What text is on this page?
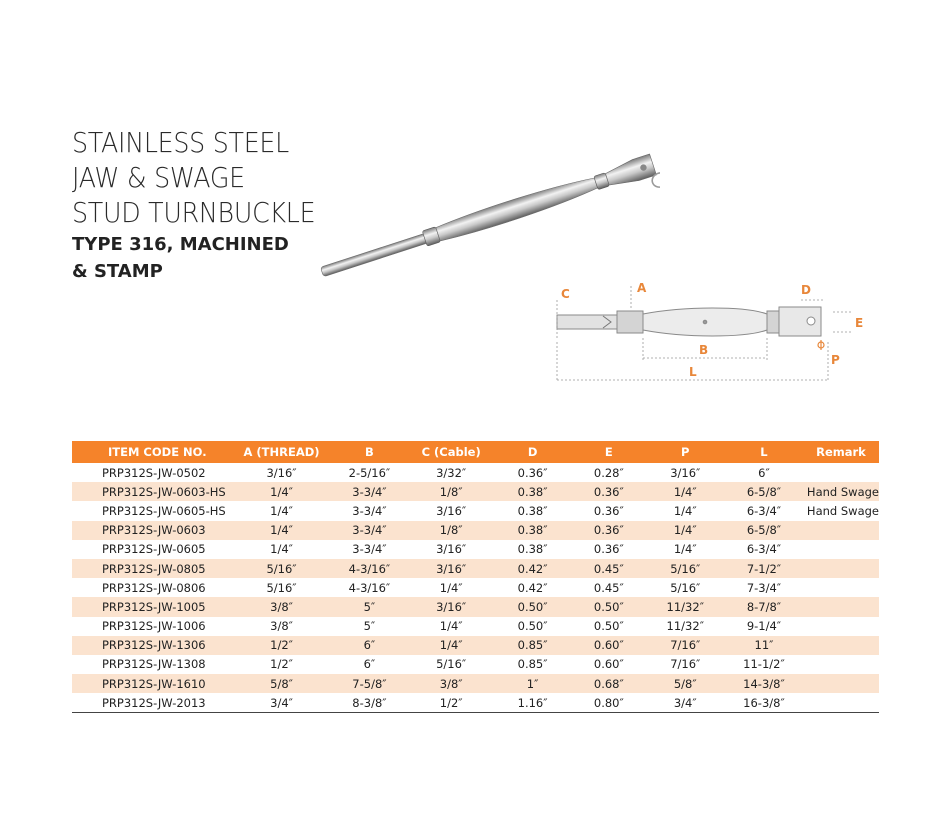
STAINLESS STEEL
JAW & SWAGE
STUD TURNBUCKLE
TYPE 316, MACHINED
& STAMP
C	A	D
E
P
B
L
ITEM CODE NO.	A (THREAD)	B	C (Cable)	D	E	P	L	Remark
PRP312S-JW-0502	3/16″	2-5/16″	3/32″	0.36″	0.28″	3/16″	6″	
PRP312S-JW-0603-HS	1/4″	3-3/4″	1/8″	0.38″	0.36″	1/4″	6-5/8″	Hand Swage
PRP312S-JW-0605-HS	1/4″	3-3/4″	3/16″	0.38″	0.36″	1/4″	6-3/4″	Hand Swage
PRP312S-JW-0603	1/4″	3-3/4″	1/8″	0.38″	0.36″	1/4″	6-5/8″	
PRP312S-JW-0605	1/4″	3-3/4″	3/16″	0.38″	0.36″	1/4″	6-3/4″	
PRP312S-JW-0805	5/16″	4-3/16″	3/16″	0.42″	0.45″	5/16″	7-1/2″	
PRP312S-JW-0806	5/16″	4-3/16″	1/4″	0.42″	0.45″	5/16″	7-3/4″	
PRP312S-JW-1005	3/8″	5″	3/16″	0.50″	0.50″	11/32″	8-7/8″	
PRP312S-JW-1006	3/8″	5″	1/4″	0.50″	0.50″	11/32″	9-1/4″	
PRP312S-JW-1306	1/2″	6″	1/4″	0.85″	0.60″	7/16″	11″	
PRP312S-JW-1308	1/2″	6″	5/16″	0.85″	0.60″	7/16″	11-1/2″	
PRP312S-JW-1610	5/8″	7-5/8″	3/8″	1″	0.68″	5/8″	14-3/8″	
PRP312S-JW-2013	3/4″	8-3/8″	1/2″	1.16″	0.80″	3/4″	16-3/8″	
